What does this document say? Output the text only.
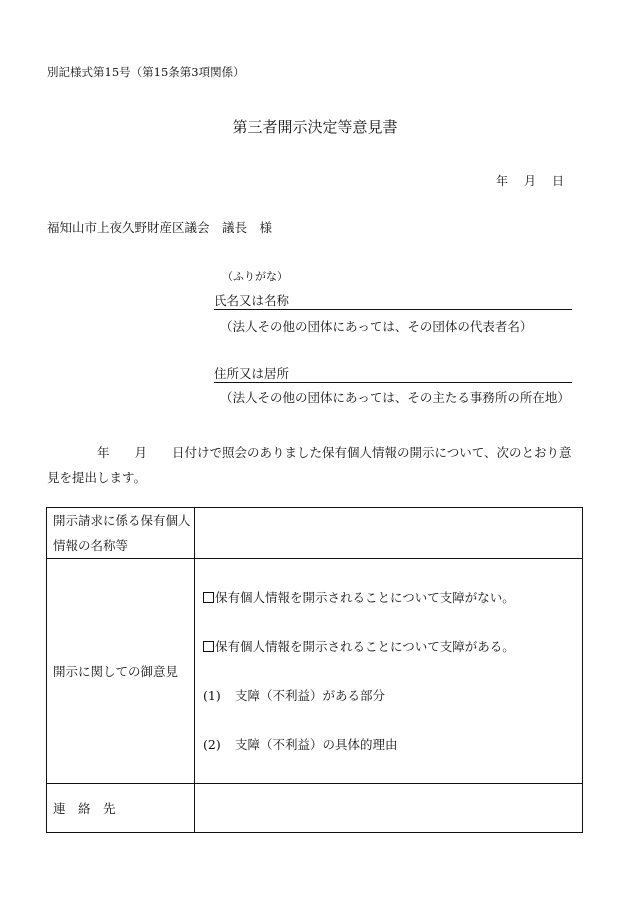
別記様式第15号（第15条第3項関係）
第三者開示決定等意見書
年 月 日
福知山市上夜久野財産区議会　議長　様
（ふりがな）
氏名又は名称
（法人その他の団体にあっては、その団体の代表者名）
住所又は居所
（法人その他の団体にあっては、その主たる事務所の所在地）
　　　　年　　月　　日付けで照会のありました保有個人情報の開示について、次のとおり意見を提出します。
開示請求に係る保有個人情報の名称等	
開示に関しての御意見	保有個人情報を開示されることについて支障がない。
保有個人情報を開示されることについて支障がある。
(1) 支障（不利益）がある部分
(2) 支障（不利益）の具体的理由

連　絡　先	
